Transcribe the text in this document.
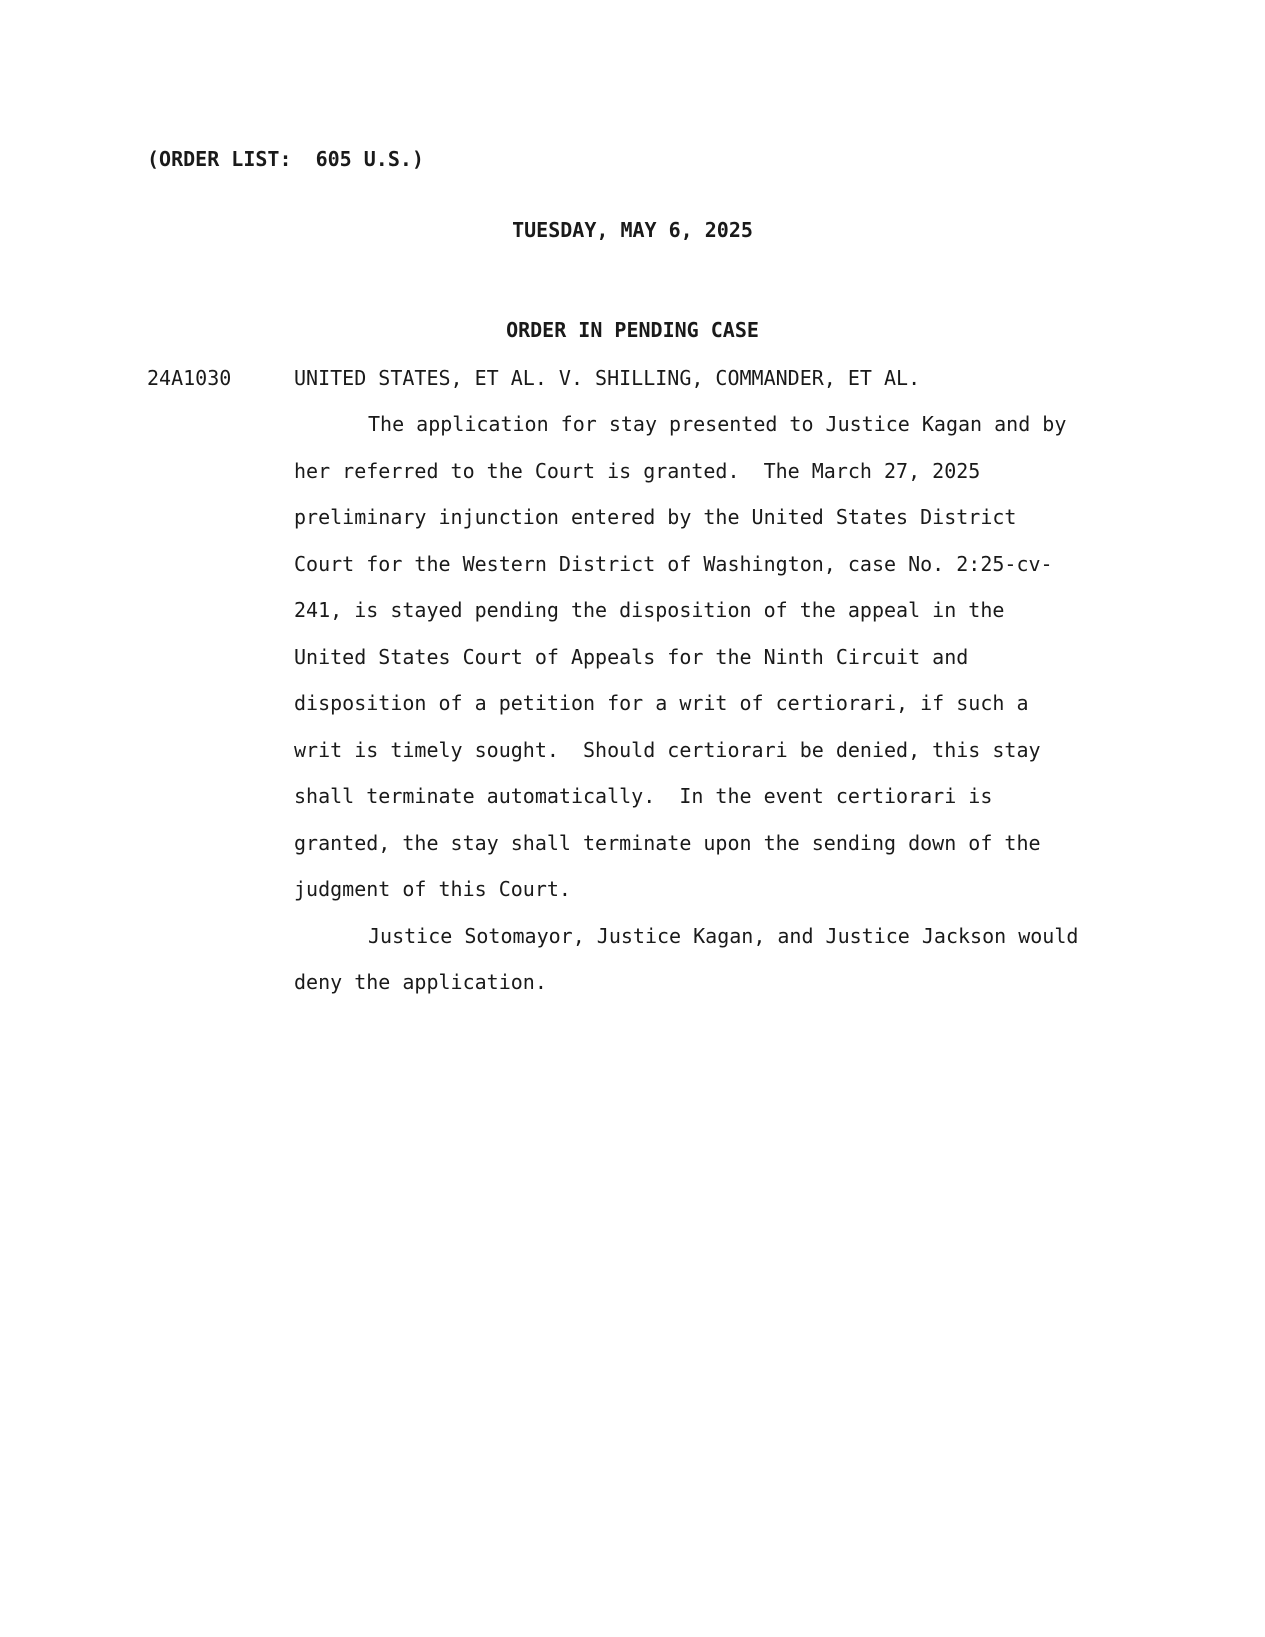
(ORDER LIST:  605 U.S.)
TUESDAY, MAY 6, 2025
ORDER IN PENDING CASE
24A1030	UNITED STATES, ET AL. V. SHILLING, COMMANDER, ET AL.
The application for stay presented to Justice Kagan and by
her referred to the Court is granted.  The March 27, 2025
preliminary injunction entered by the United States District
Court for the Western District of Washington, case No. 2:25-cv-
241, is stayed pending the disposition of the appeal in the
United States Court of Appeals for the Ninth Circuit and
disposition of a petition for a writ of certiorari, if such a
writ is timely sought.  Should certiorari be denied, this stay
shall terminate automatically.  In the event certiorari is
granted, the stay shall terminate upon the sending down of the
judgment of this Court.
Justice Sotomayor, Justice Kagan, and Justice Jackson would
deny the application.
